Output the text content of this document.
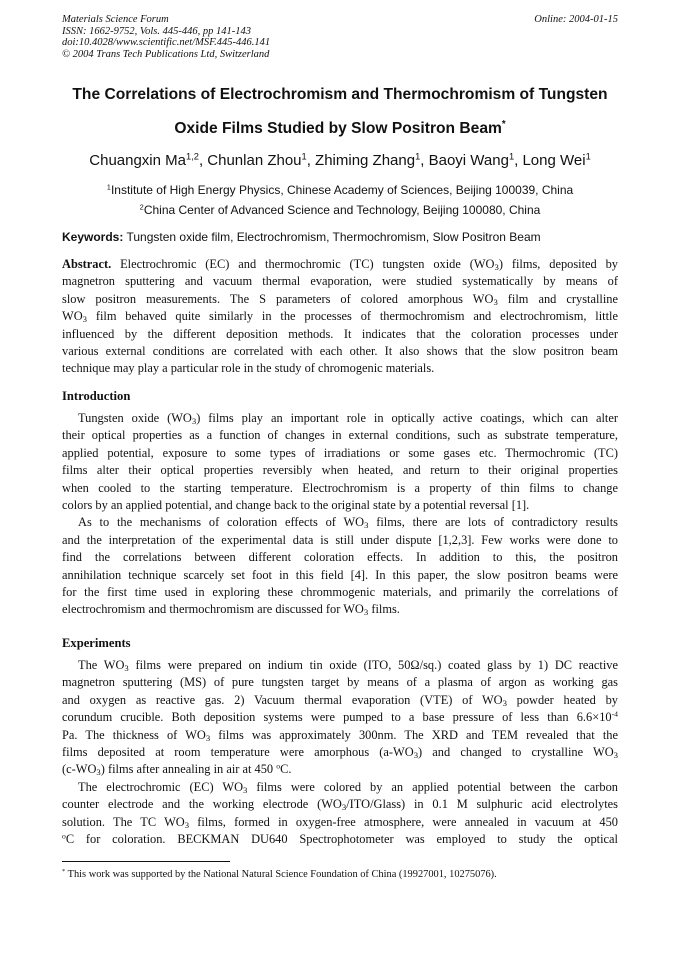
Materials Science Forum
ISSN: 1662-9752, Vols. 445-446, pp 141-143
doi:10.4028/www.scientific.net/MSF.445-446.141
© 2004 Trans Tech Publications Ltd, Switzerland
Online: 2004-01-15
The Correlations of Electrochromism and Thermochromism of Tungsten
Oxide Films Studied by Slow Positron Beam*
Chuangxin Ma$^{1,2}$, Chunlan Zhou$^1$, Zhiming Zhang$^1$, Baoyi Wang$^1$, Long Wei$^1$
$^1$Institute of High Energy Physics, Chinese Academy of Sciences, Beijing 100039, China
$^2$China Center of Advanced Science and Technology, Beijing 100080, China
Keywords: Tungsten oxide film, Electrochromism, Thermochromism, Slow Positron Beam
Abstract. Electrochromic (EC) and thermochromic (TC) tungsten oxide $(WO_3)$ films, deposited by
magnetron sputtering and vacuum thermal evaporation, were studied systematically by means of
slow positron measurements. The S parameters of colored amorphous $WO_3$ film and crystalline
$WO_3$ film behaved quite similarly in the processes of thermochromism and electrochromism, little
influenced by the different deposition methods. It indicates that the coloration processes under
various external conditions are correlated with each other. It also shows that the slow positron beam
technique may play a particular role in the study of chromogenic materials.
Introduction
Tungsten oxide $(WO_3)$ films play an important role in optically active coatings, which can alter
their optical properties as a function of changes in external conditions, such as substrate temperature,
applied potential, exposure to some types of irradiations or some gases etc. Thermochromic (TC)
films alter their optical properties reversibly when heated, and return to their original properties
when cooled to the starting temperature. Electrochromism is a property of thin films to change
colors by an applied potential, and change back to the original state by a potential reversal [1].
As to the mechanisms of coloration effects of $WO_3$ films, there are lots of contradictory results
and the interpretation of the experimental data is still under dispute [1,2,3]. Few works were done to
find the correlations between different coloration effects. In addition to this, the positron
annihilation technique scarcely set foot in this field [4]. In this paper, the slow positron beams were
for the first time used in exploring these chrommogenic materials, and primarily the correlations of
electrochromism and thermochromism are discussed for $WO_3$ films.
Experiments
The $WO_3$ films were prepared on indium tin oxide (ITO, 50Ω/sq.) coated glass by 1) DC reactive
magnetron sputtering (MS) of pure tungsten target by means of a plasma of argon as working gas
and oxygen as reactive gas. 2) Vacuum thermal evaporation (VTE) of $WO_3$ powder heated by
corundum crucible. Both deposition systems were pumped to a base pressure of less than $6.6\times 10^{-4}$
Pa. The thickness of $WO_3$ films was approximately 300nm. The XRD and TEM revealed that the
films deposited at room temperature were amorphous $(a-WO_3)$ and changed to crystalline $WO_3$
$(c-WO_3)$ films after annealing in air at 450 $^o$C.
The electrochromic (EC) $WO_3$ films were colored by an applied potential between the carbon
counter electrode and the working electrode $(WO_3/ITO/Glass)$ in 0.1 M sulphuric acid electrolytes
solution. The TC $WO_3$ films, formed in oxygen-free atmosphere, were annealed in vacuum at 450
$^o$C for coloration. BECKMAN DU640 Spectrophotometer was employed to study the optical
* This work was supported by the National Natural Science Foundation of China (19927001, 10275076).
